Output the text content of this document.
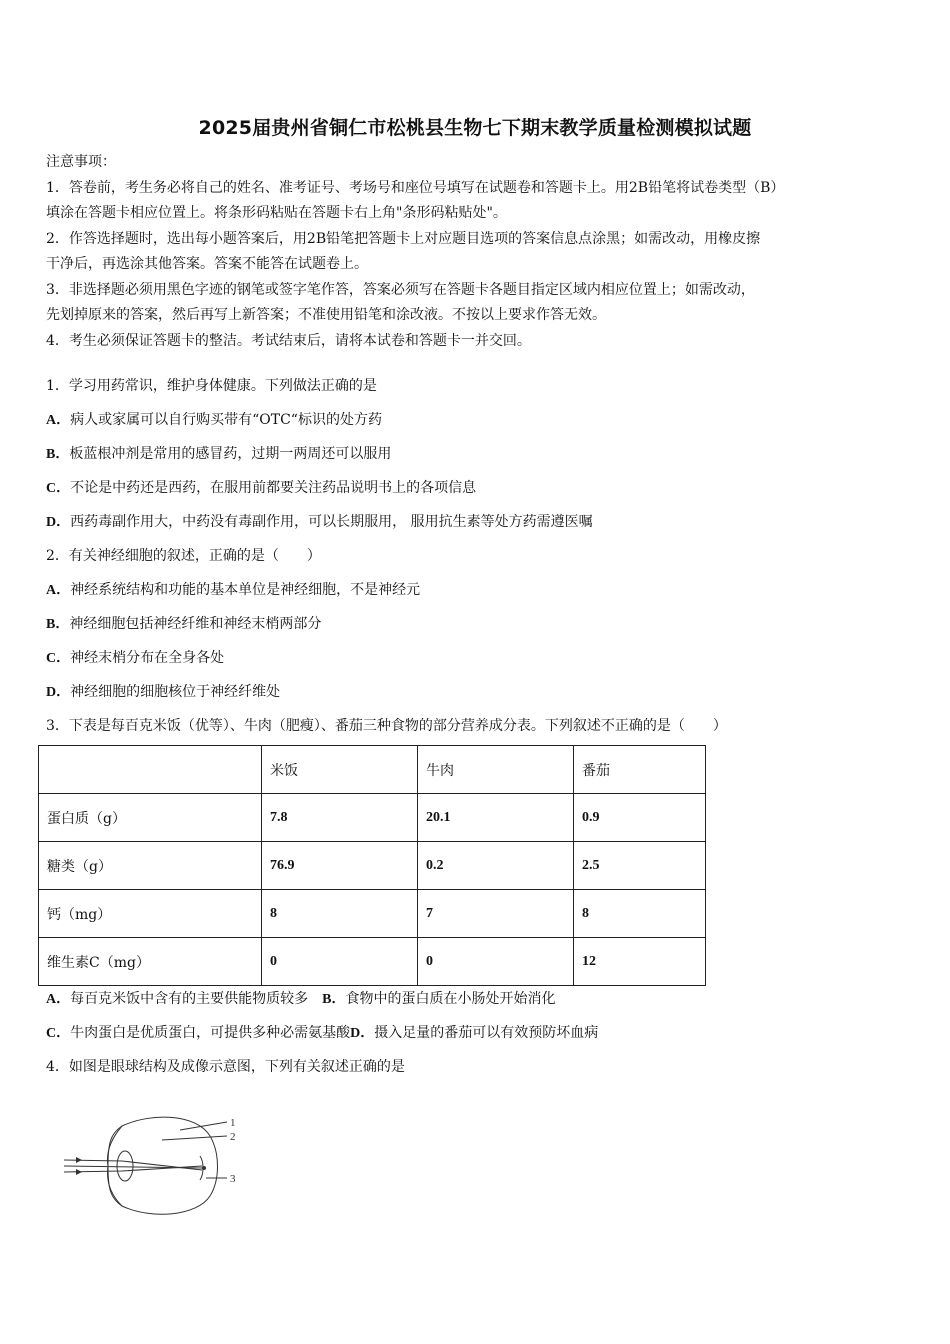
2025届贵州省铜仁市松桃县生物七下期末教学质量检测模拟试题
注意事项：
1．答卷前，考生务必将自己的姓名、准考证号、考场号和座位号填写在试题卷和答题卡上。用2B铅笔将试卷类型（B）
填涂在答题卡相应位置上。将条形码粘贴在答题卡右上角"条形码粘贴处"。
2．作答选择题时，选出每小题答案后，用2B铅笔把答题卡上对应题目选项的答案信息点涂黑；如需改动，用橡皮擦
干净后，再选涂其他答案。答案不能答在试题卷上。
3．非选择题必须用黑色字迹的钢笔或签字笔作答，答案必须写在答题卡各题目指定区域内相应位置上；如需改动，
先划掉原来的答案，然后再写上新答案；不准使用铅笔和涂改液。不按以上要求作答无效。
4．考生必须保证答题卡的整洁。考试结束后，请将本试卷和答题卡一并交回。
1．学习用药常识，维护身体健康。下列做法正确的是
A．病人或家属可以自行购买带有“OTC“标识的处方药
B．板蓝根冲剂是常用的感冒药，过期一两周还可以服用
C．不论是中药还是西药，在服用前都要关注药品说明书上的各项信息
D．西药毒副作用大，中药没有毒副作用，可以长期服用， 服用抗生素等处方药需遵医嘱
2．有关神经细胞的叙述，正确的是（　　）
A．神经系统结构和功能的基本单位是神经细胞，不是神经元
B．神经细胞包括神经纤维和神经末梢两部分
C．神经末梢分布在全身各处
D．神经细胞的细胞核位于神经纤维处
3．下表是每百克米饭（优等）、牛肉（肥瘦）、番茄三种食物的部分营养成分表。下列叙述不正确的是（　　）
	米饭	牛肉	番茄
蛋白质（g）	7.8	20.1	0.9
糖类（g）	76.9	0.2	2.5
钙（mg）	8	7	8
维生素C（mg）	0	0	12
A．每百克米饭中含有的主要供能物质较多　B．食物中的蛋白质在小肠处开始消化
C．牛肉蛋白是优质蛋白，可提供多种必需氨基酸D．摄入足量的番茄可以有效预防坏血病
4．如图是眼球结构及成像示意图，下列有关叙述正确的是
1
2
3
